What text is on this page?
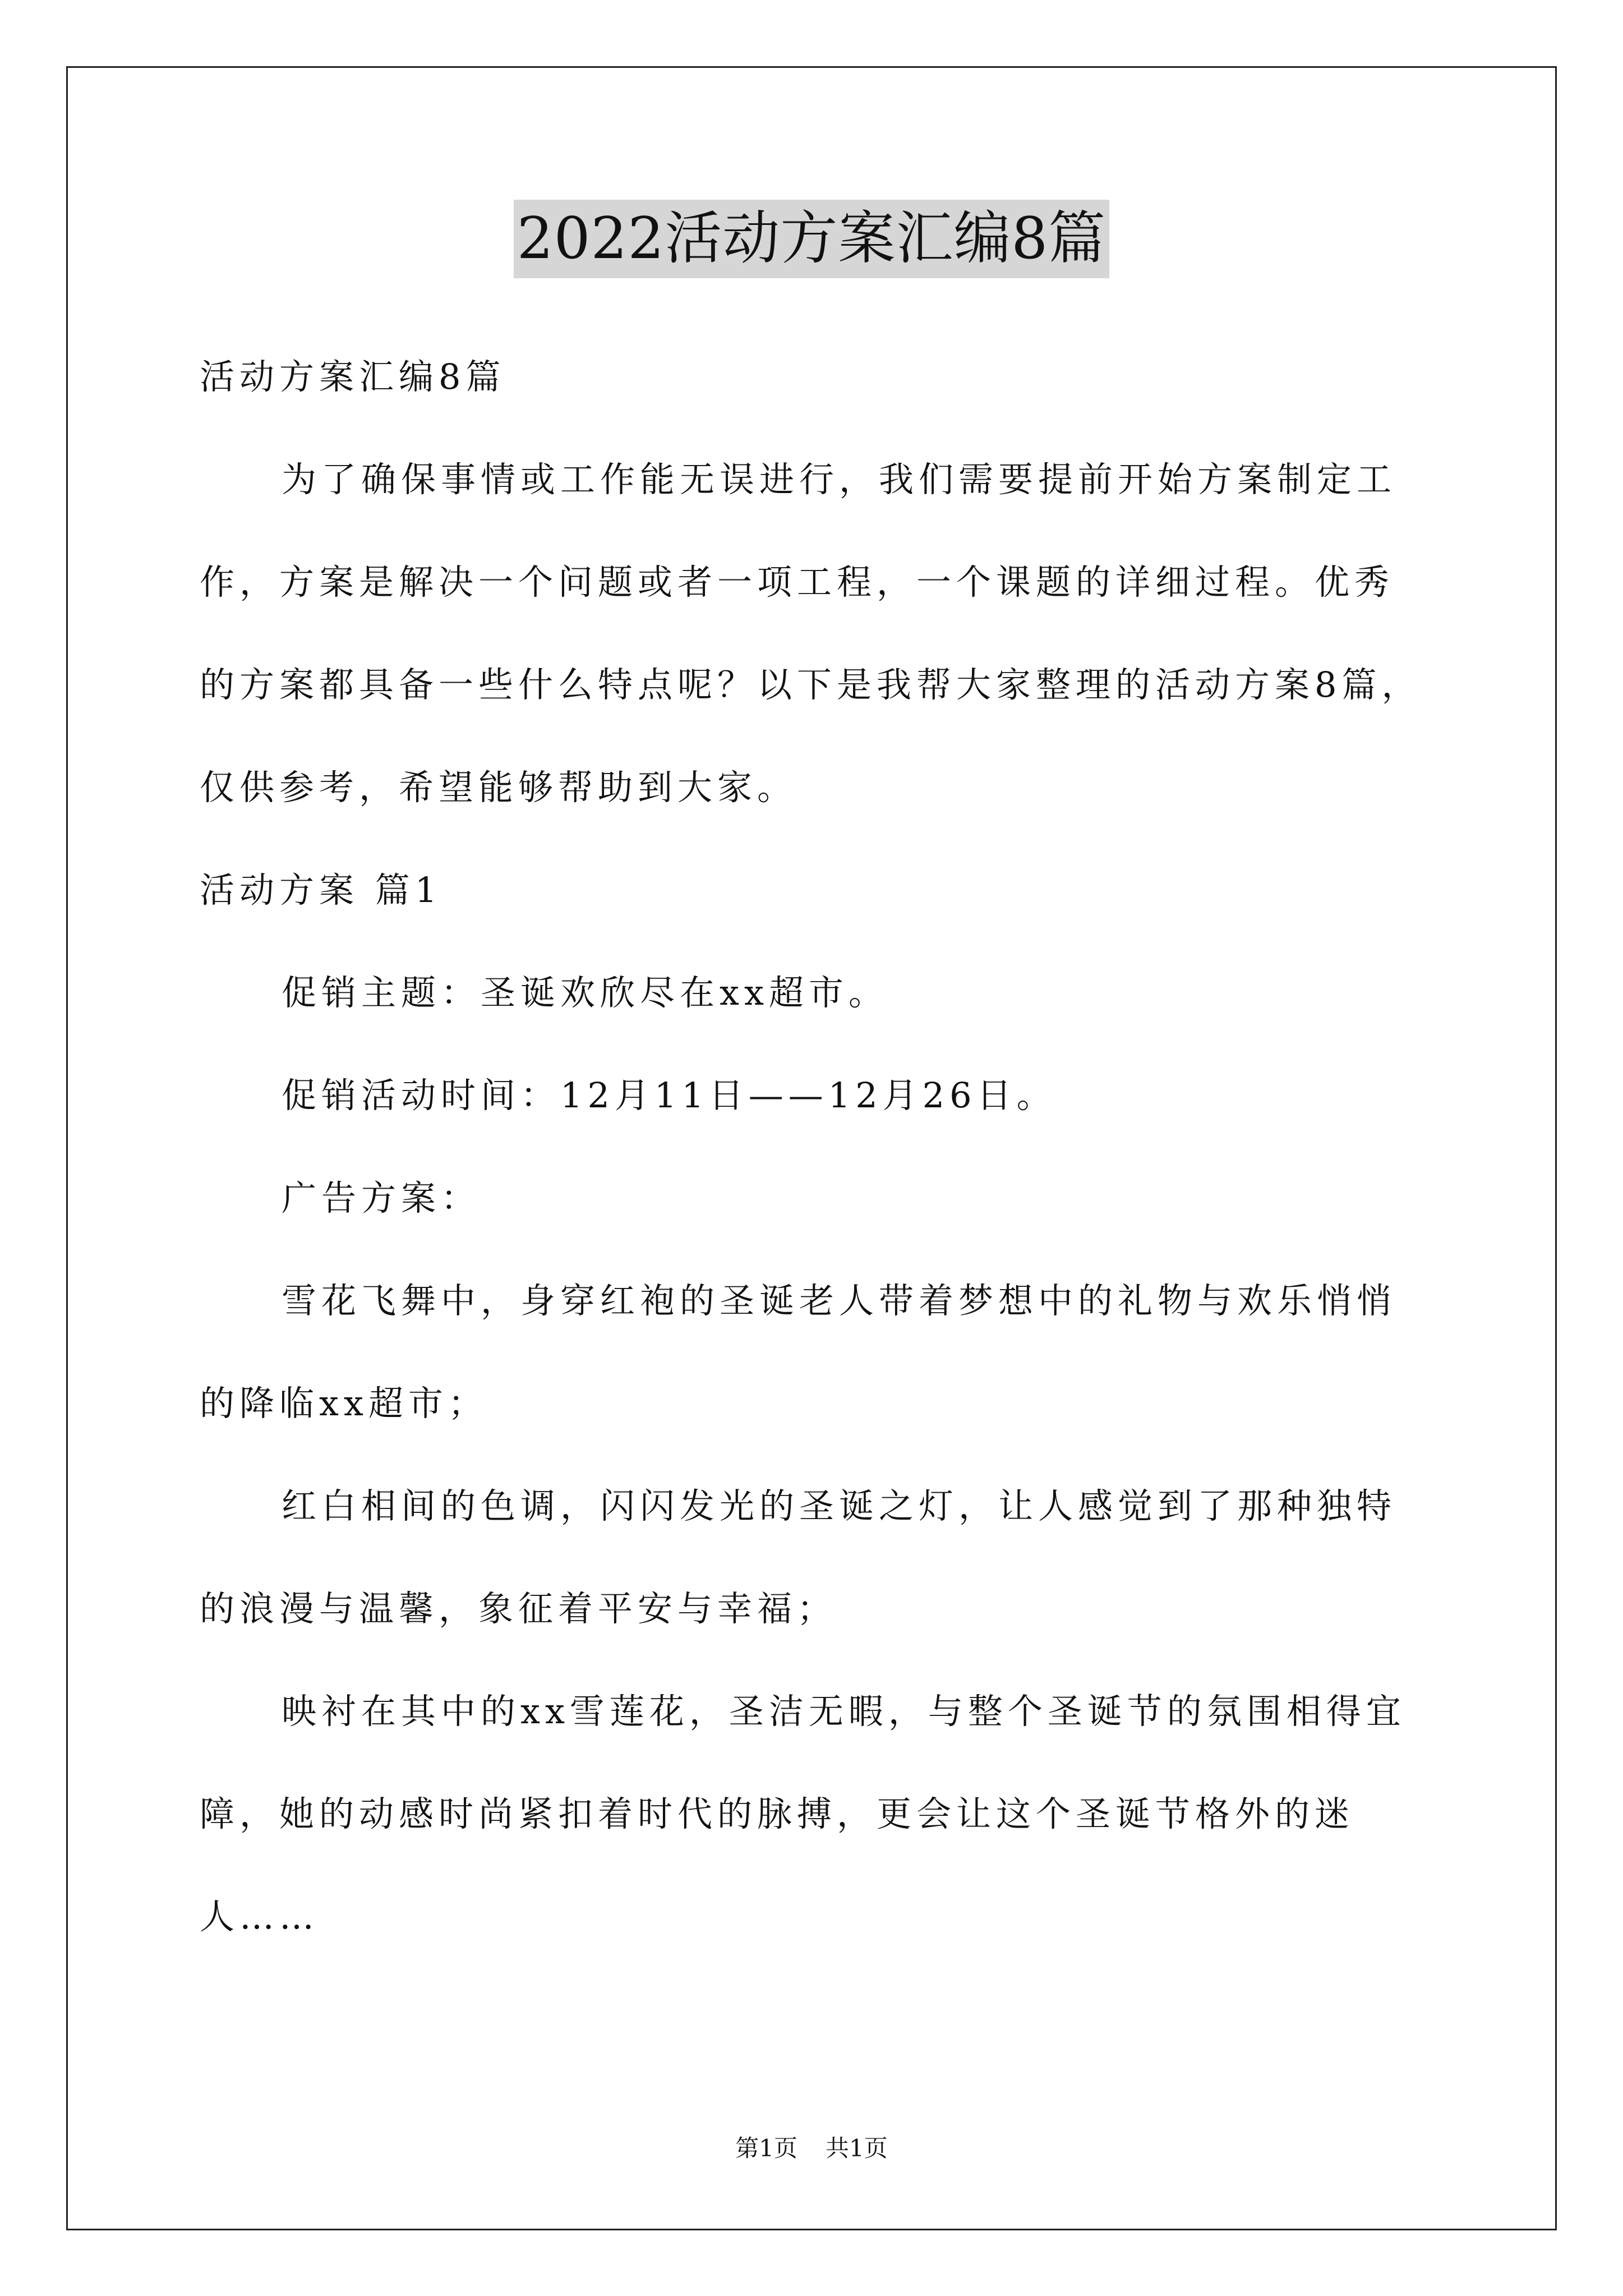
2022活动方案汇编8篇
活动方案汇编8篇
为了确保事情或工作能无误进行，我们需要提前开始方案制定工
作，方案是解决一个问题或者一项工程，一个课题的详细过程。优秀
的方案都具备一些什么特点呢？以下是我帮大家整理的活动方案8篇，
仅供参考，希望能够帮助到大家。
活动方案 篇1
促销主题：圣诞欢欣尽在xx超市。
促销活动时间：12月11日——12月26日。
广告方案：
雪花飞舞中，身穿红袍的圣诞老人带着梦想中的礼物与欢乐悄悄
的降临xx超市；
红白相间的色调，闪闪发光的圣诞之灯，让人感觉到了那种独特
的浪漫与温馨，象征着平安与幸福；
映衬在其中的xx雪莲花，圣洁无暇，与整个圣诞节的氛围相得宜
障，她的动感时尚紧扣着时代的脉搏，更会让这个圣诞节格外的迷
人……
第1页 共1页
